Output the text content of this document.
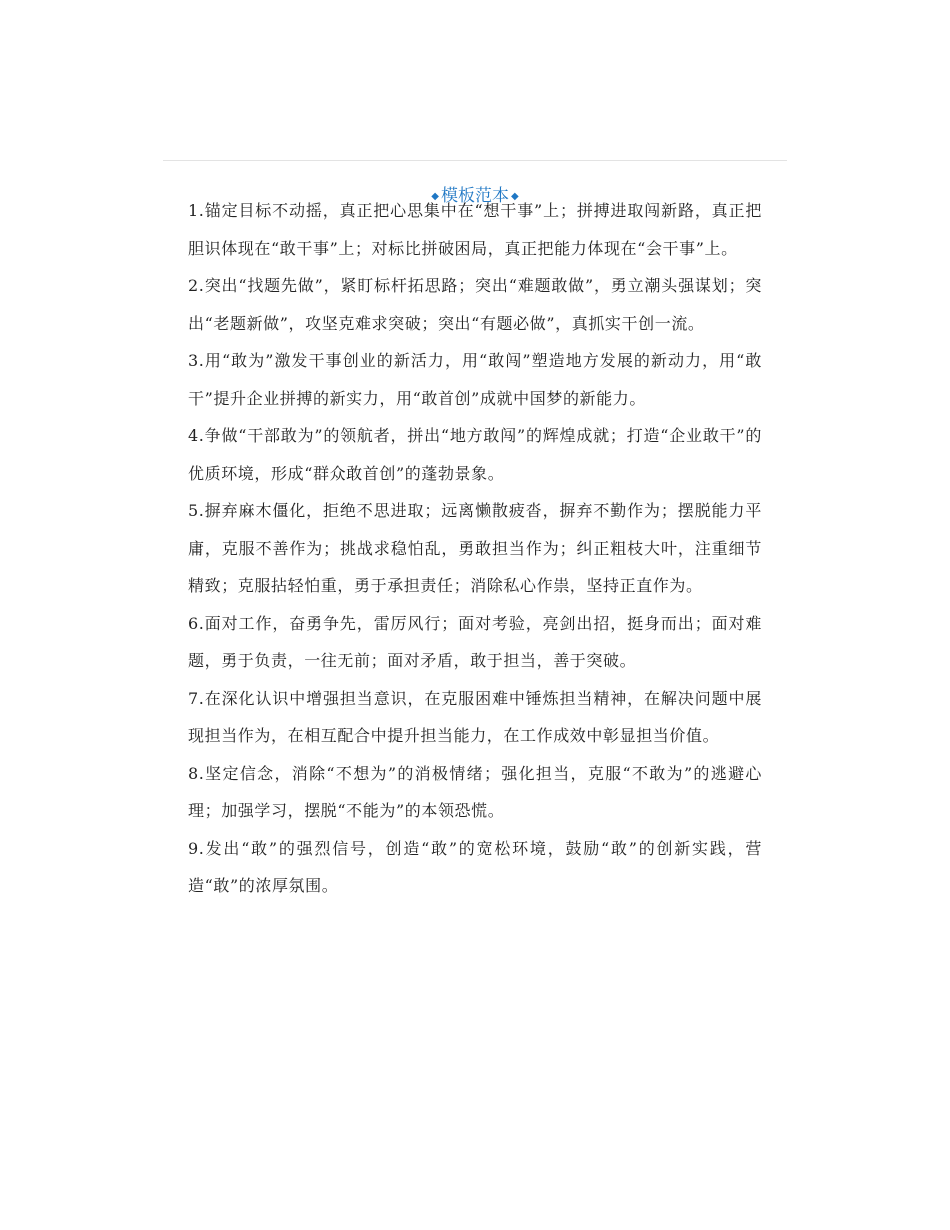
◆ 模板范本 ◆

1.锚定目标不动摇，真正把心思集中在“想干事”上；拼搏进取闯新路，真正把胆识体现在“敢干事”上；对标比拼破困局，真正把能力体现在“会干事”上。

2.突出“找题先做”，紧盯标杆拓思路；突出“难题敢做”，勇立潮头强谋划；突出“老题新做”，攻坚克难求突破；突出“有题必做”，真抓实干创一流。

3.用“敢为”激发干事创业的新活力，用“敢闯”塑造地方发展的新动力，用“敢干”提升企业拼搏的新实力，用“敢首创”成就中国梦的新能力。

4.争做“干部敢为”的领航者，拼出“地方敢闯”的辉煌成就；打造“企业敢干”的优质环境，形成“群众敢首创”的蓬勃景象。

5.摒弃麻木僵化，拒绝不思进取；远离懒散疲沓，摒弃不勤作为；摆脱能力平庸，克服不善作为；挑战求稳怕乱，勇敢担当作为；纠正粗枝大叶，注重细节精致；克服拈轻怕重，勇于承担责任；消除私心作祟，坚持正直作为。

6.面对工作，奋勇争先，雷厉风行；面对考验，亮剑出招，挺身而出；面对难题，勇于负责，一往无前；面对矛盾，敢于担当，善于突破。

7.在深化认识中增强担当意识，在克服困难中锤炼担当精神，在解决问题中展现担当作为，在相互配合中提升担当能力，在工作成效中彰显担当价值。

8.坚定信念，消除“不想为”的消极情绪；强化担当，克服“不敢为”的逃避心理；加强学习，摆脱“不能为”的本领恐慌。

9.发出“敢”的强烈信号，创造“敢”的宽松环境，鼓励“敢”的创新实践，营造“敢”的浓厚氛围。
